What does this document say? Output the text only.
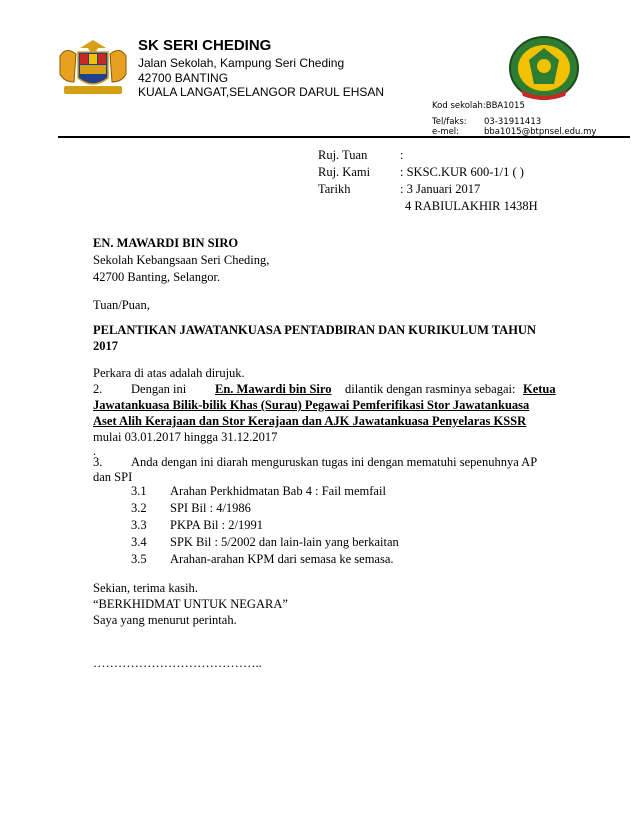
SK SERI CHEDING
Jalan Sekolah, Kampung Seri Cheding
42700 BANTING
KUALA LANGAT,SELANGOR DARUL EHSAN
Kod sekolah:BBA1015
Tel/faks: 03-31911413
e-mel:	bba1015@btpnsel.edu.my
Ruj. Tuan	:
Ruj. Kami : SKSC.KUR 600-1/1 ( )
Tarikh	: 3 Januari 2017
4 RABIULAKHIR 1438H
EN. MAWARDI BIN SIRO
Sekolah Kebangsaan Seri Cheding,
42700 Banting, Selangor.
Tuan/Puan,
PELANTIKAN JAWATANKUASA PENTADBIRAN DAN KURIKULUM TAHUN
2017
Perkara di atas adalah dirujuk.
2. Dengan ini En. Mawardi bin Siro dilantik dengan rasminya sebagai: Ketua
Jawatankuasa Bilik-bilik Khas (Surau) Pegawai Pemferifikasi Stor Jawatankuasa
Aset Alih Kerajaan dan Stor Kerajaan dan AJK Jawatankuasa Penyelaras KSSR
mulai 03.01.2017 hingga 31.12.2017
.
3. Anda dengan ini diarah menguruskan tugas ini dengan mematuhi sepenuhnya AP
dan SPI
3.1 Arahan Perkhidmatan Bab 4 : Fail memfail
3.2 SPI Bil : 4/1986
3.3 PKPA Bil : 2/1991
3.4 SPK Bil : 5/2002 dan lain-lain yang berkaitan
3.5 Arahan-arahan KPM dari semasa ke semasa.
Sekian, terima kasih.
“BERKHIDMAT UNTUK NEGARA”
Saya yang menurut perintah.
…………………………………..
